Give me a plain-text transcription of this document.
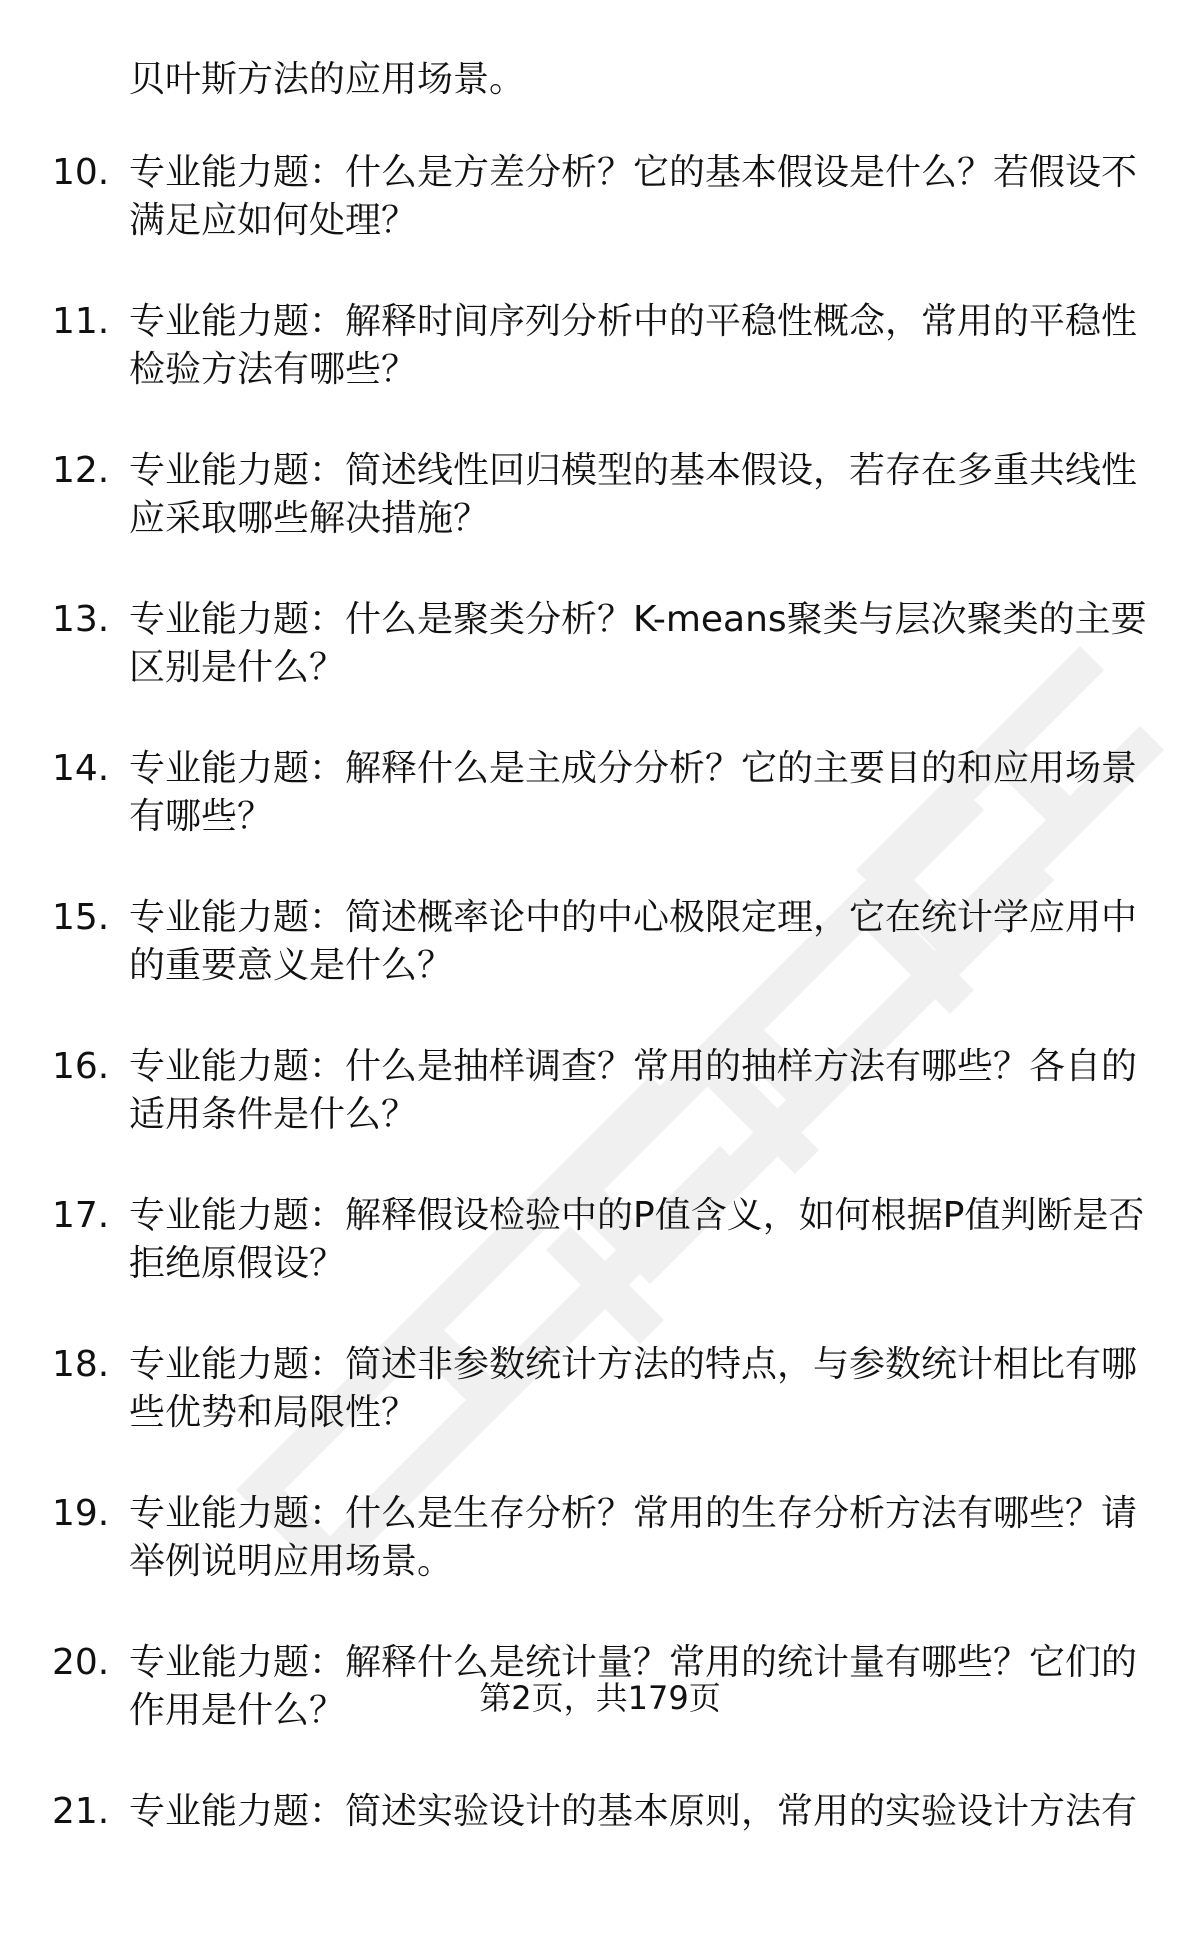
贝叶斯方法的应用场景。

10. 专业能力题：什么是方差分析？它的基本假设是什么？若假设不
满足应如何处理？
11. 专业能力题：解释时间序列分析中的平稳性概念，常用的平稳性
检验方法有哪些？
12. 专业能力题：简述线性回归模型的基本假设，若存在多重共线性
应采取哪些解决措施？
13. 专业能力题：什么是聚类分析？K-means聚类与层次聚类的主要
区别是什么？
14. 专业能力题：解释什么是主成分分析？它的主要目的和应用场景
有哪些？
15. 专业能力题：简述概率论中的中心极限定理，它在统计学应用中
的重要意义是什么？
16. 专业能力题：什么是抽样调查？常用的抽样方法有哪些？各自的
适用条件是什么？
17. 专业能力题：解释假设检验中的P值含义，如何根据P值判断是否
拒绝原假设？
18. 专业能力题：简述非参数统计方法的特点，与参数统计相比有哪
些优势和局限性？
19. 专业能力题：什么是生存分析？常用的生存分析方法有哪些？请
举例说明应用场景。
20. 专业能力题：解释什么是统计量？常用的统计量有哪些？它们的
作用是什么？
21. 专业能力题：简述实验设计的基本原则，常用的实验设计方法有
第2页，共179页
